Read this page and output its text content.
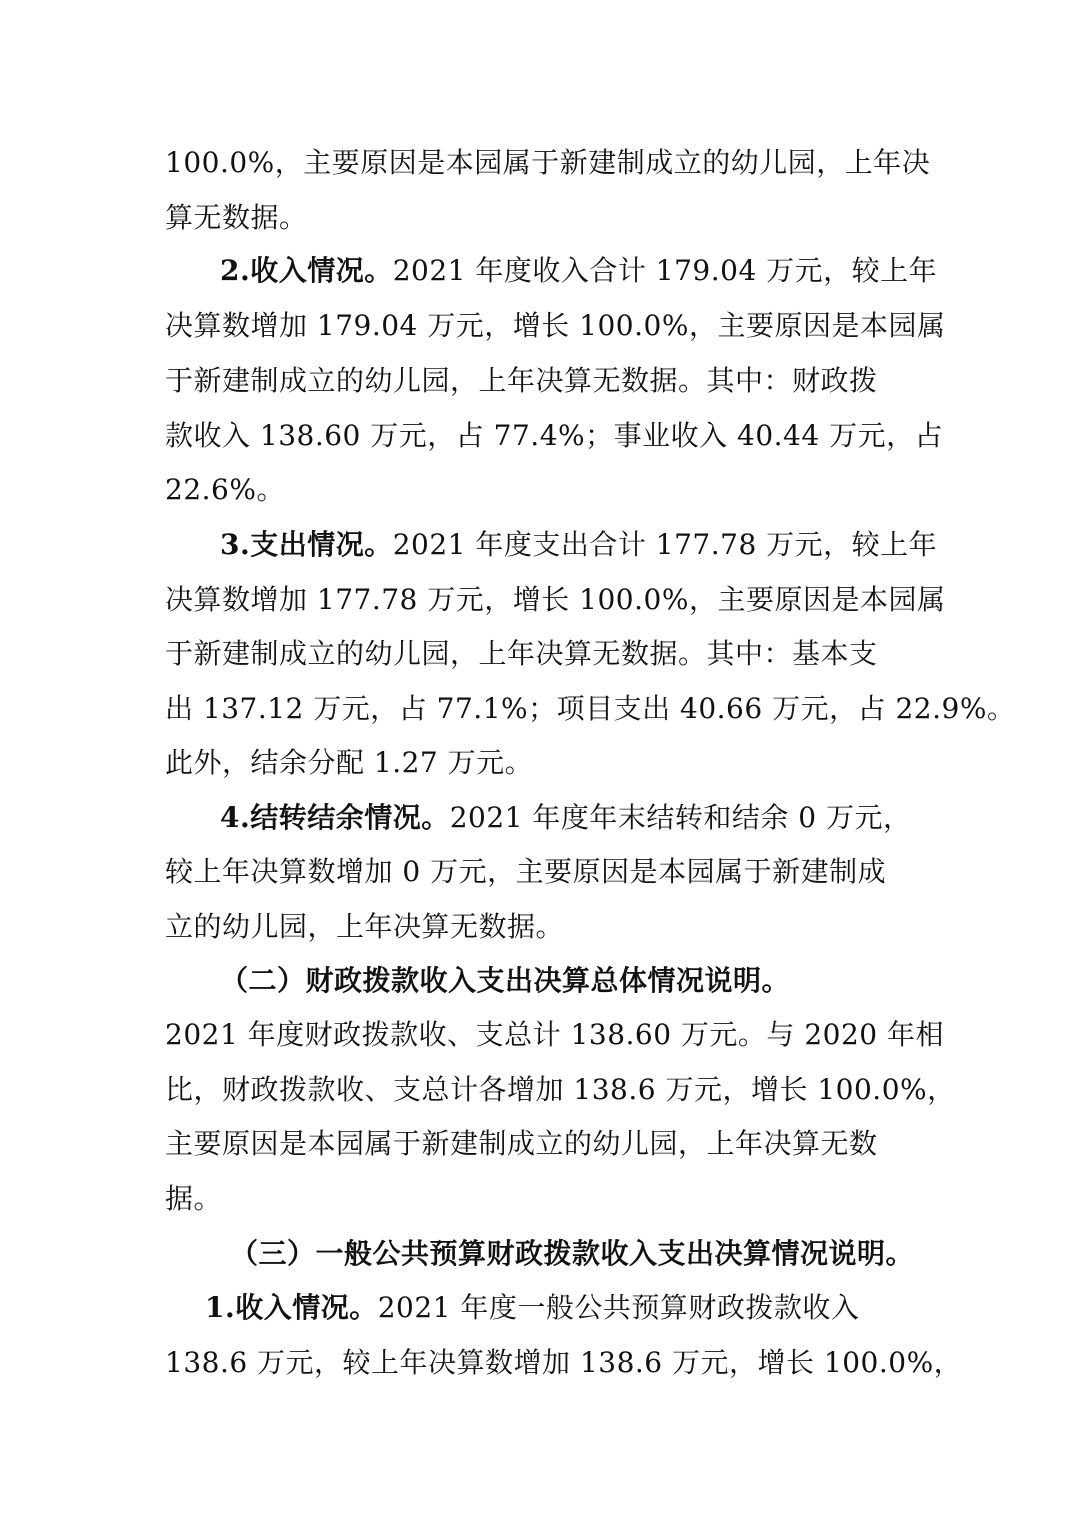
100.0%，主要原因是本园属于新建制成立的幼儿园，上年决
算无数据。
2.收入情况。2021 年度收入合计 179.04 万元，较上年
决算数增加 179.04 万元，增长 100.0%，主要原因是本园属
于新建制成立的幼儿园，上年决算无数据。其中：财政拨
款收入 138.60 万元，占 77.4%；事业收入 40.44 万元，占
22.6%。
3.支出情况。2021 年度支出合计 177.78 万元，较上年
决算数增加 177.78 万元，增长 100.0%，主要原因是本园属
于新建制成立的幼儿园，上年决算无数据。其中：基本支
出 137.12 万元，占 77.1%；项目支出 40.66 万元，占 22.9%。
此外，结余分配 1.27 万元。
4.结转结余情况。2021 年度年末结转和结余 0 万元，
较上年决算数增加 0 万元，主要原因是本园属于新建制成
立的幼儿园，上年决算无数据。
（二）财政拨款收入支出决算总体情况说明。
2021 年度财政拨款收、支总计 138.60 万元。与 2020 年相
比，财政拨款收、支总计各增加 138.6 万元，增长 100.0%，
主要原因是本园属于新建制成立的幼儿园，上年决算无数
据。
（三）一般公共预算财政拨款收入支出决算情况说明。
1.收入情况。2021 年度一般公共预算财政拨款收入
138.6 万元，较上年决算数增加 138.6 万元，增长 100.0%，
